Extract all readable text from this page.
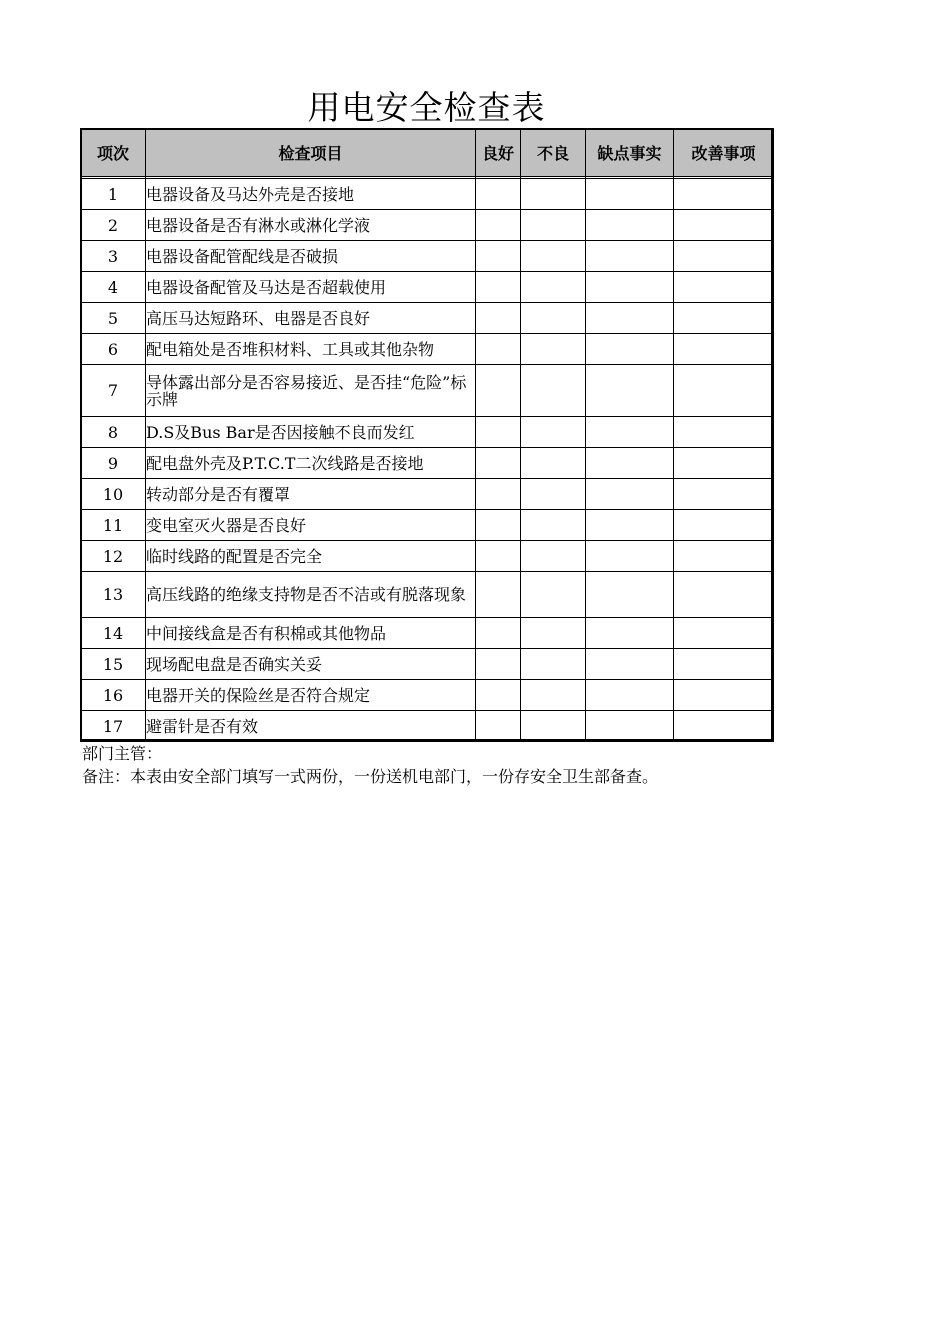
用电安全检查表
项次	检查项目	良好	不良	缺点事实	改善事项

1	电器设备及马达外壳是否接地				
2	电器设备是否有淋水或淋化学液				
3	电器设备配管配线是否破损				
4	电器设备配管及马达是否超载使用				
5	高压马达短路环、电器是否良好				
6	配电箱处是否堆积材料、工具或其他杂物				
7	导体露出部分是否容易接近、是否挂“危险”标示牌				
8	D.S及Bus Bar是否因接触不良而发红				
9	配电盘外壳及P.T.C.T二次线路是否接地				
10	转动部分是否有覆罩				
11	变电室灭火器是否良好				
12	临时线路的配置是否完全				
13	高压线路的绝缘支持物是否不洁或有脱落现象				
14	中间接线盒是否有积棉或其他物品				
15	现场配电盘是否确实关妥				
16	电器开关的保险丝是否符合规定				
17	避雷针是否有效				
部门主管：
备注：本表由安全部门填写一式两份，一份送机电部门，一份存安全卫生部备查。
